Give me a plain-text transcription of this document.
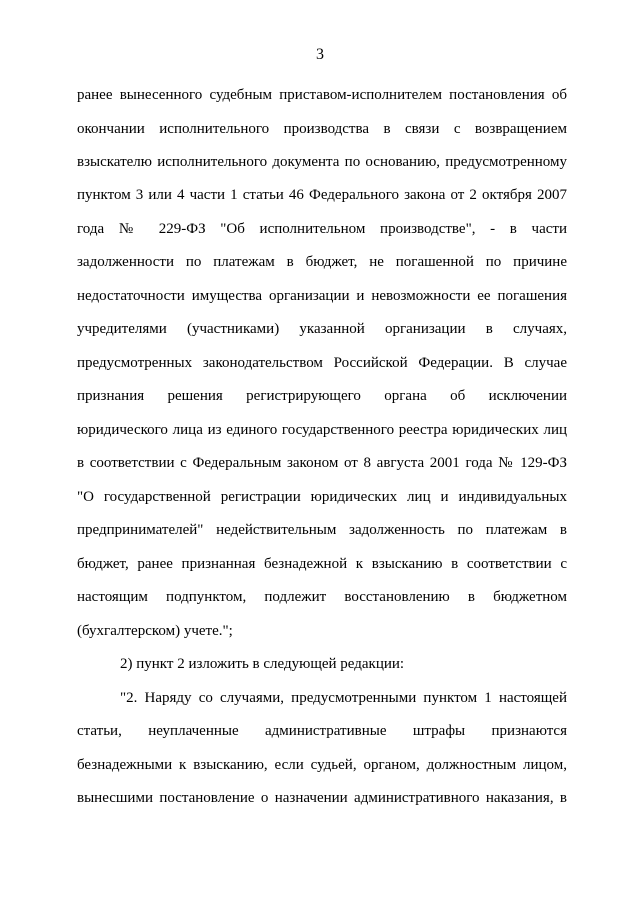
3
ранее вынесенного судебным приставом-исполнителем постановления об
окончании исполнительного производства в связи с возвращением
взыскателю исполнительного документа по основанию, предусмотренному
пунктом 3 или 4 части 1 статьи 46 Федерального закона от 2 октября 2007
года № 229-ФЗ "Об исполнительном производстве", - в части
задолженности по платежам в бюджет, не погашенной по причине
недостаточности имущества организации и невозможности ее погашения
учредителями (участниками) указанной организации в случаях,
предусмотренных законодательством Российской Федерации. В случае
признания решения регистрирующего органа об исключении
юридического лица из единого государственного реестра юридических лиц
в соответствии с Федеральным законом от 8 августа 2001 года № 129-ФЗ
"О государственной регистрации юридических лиц и индивидуальных
предпринимателей" недействительным задолженность по платежам в
бюджет, ранее признанная безнадежной к взысканию в соответствии с
настоящим подпунктом, подлежит восстановлению в бюджетном
(бухгалтерском) учете.";
2) пункт 2 изложить в следующей редакции:
"2. Наряду со случаями, предусмотренными пунктом 1 настоящей
статьи, неуплаченные административные штрафы признаются
безнадежными к взысканию, если судьей, органом, должностным лицом,
вынесшими постановление о назначении административного наказания, в
